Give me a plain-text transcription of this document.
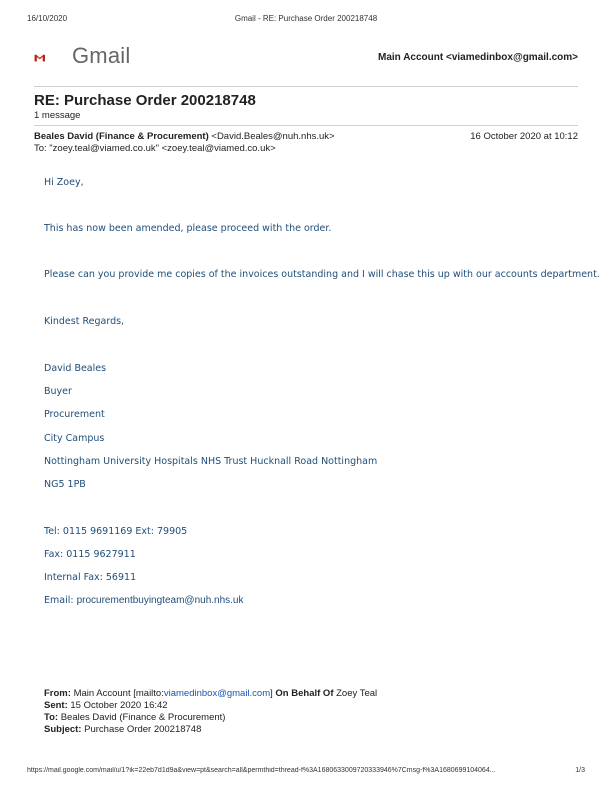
16/10/2020	Gmail - RE: Purchase Order 200218748
Gmail	Main Account <viamedinbox@gmail.com>
RE: Purchase Order 200218748
1 message
Beales David (Finance & Procurement) <David.Beales@nuh.nhs.uk>	16 October 2020 at 10:12
To: "zoey.teal@viamed.co.uk" <zoey.teal@viamed.co.uk>
Hi Zoey,
This has now been amended, please proceed with the order.
Please can you provide me copies of the invoices outstanding and I will chase this up with our accounts department.
Kindest Regards,
David Beales
Buyer
Procurement
City Campus
Nottingham University Hospitals NHS Trust Hucknall Road Nottingham
NG5 1PB
Tel: 0115 9691169 Ext: 79905
Fax: 0115 9627911
Internal Fax: 56911
Email: procurementbuyingteam@nuh.nhs.uk
From: Main Account [mailto:viamedinbox@gmail.com] On Behalf Of Zoey Teal
Sent: 15 October 2020 16:42
To: Beales David (Finance & Procurement)
Subject: Purchase Order 200218748
https://mail.google.com/mail/u/1?ik=22eb7d1d9a&view=pt&search=all&permthid=thread-f%3A1680633009720333946%7Cmsg-f%3A1680699104064...	1/3
